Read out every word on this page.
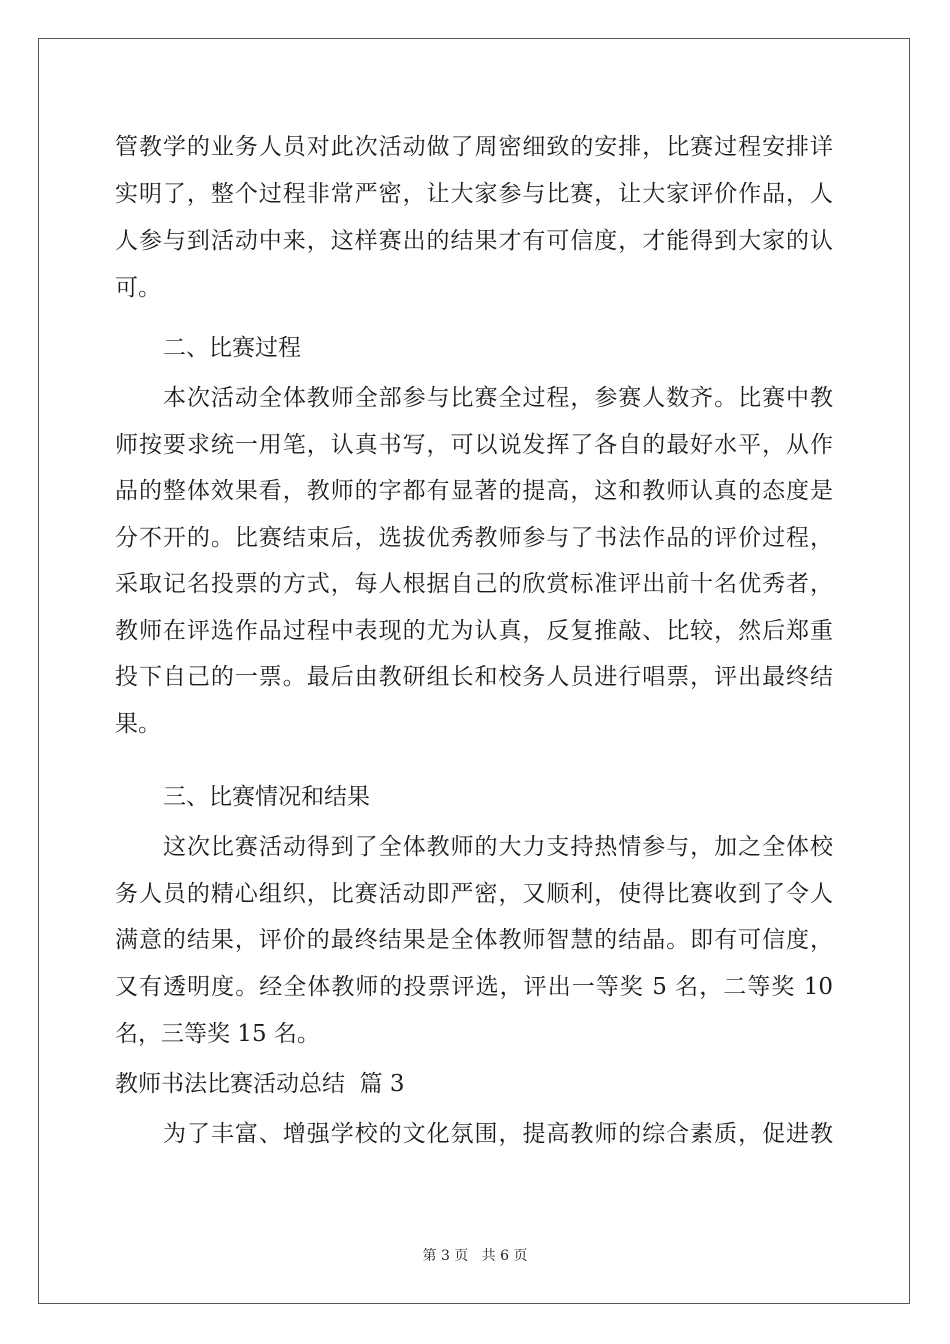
管教学的业务人员对此次活动做了周密细致的安排，比赛过程安排详
实明了，整个过程非常严密，让大家参与比赛，让大家评价作品，人
人参与到活动中来，这样赛出的结果才有可信度，才能得到大家的认
可。
二、比赛过程
本次活动全体教师全部参与比赛全过程，参赛人数齐。比赛中教
师按要求统一用笔，认真书写，可以说发挥了各自的最好水平，从作
品的整体效果看，教师的字都有显著的提高，这和教师认真的态度是
分不开的。比赛结束后，选拔优秀教师参与了书法作品的评价过程，
采取记名投票的方式，每人根据自己的欣赏标准评出前十名优秀者，
教师在评选作品过程中表现的尤为认真，反复推敲、比较，然后郑重
投下自己的一票。最后由教研组长和校务人员进行唱票，评出最终结
果。
三、比赛情况和结果
这次比赛活动得到了全体教师的大力支持热情参与，加之全体校
务人员的精心组织，比赛活动即严密，又顺利，使得比赛收到了令人
满意的结果，评价的最终结果是全体教师智慧的结晶。即有可信度，
又有透明度。经全体教师的投票评选，评出一等奖 5 名，二等奖 10
名，三等奖 15 名。
教师书法比赛活动总结  篇 3
为了丰富、增强学校的文化氛围，提高教师的综合素质，促进教
第 3 页 共 6 页
